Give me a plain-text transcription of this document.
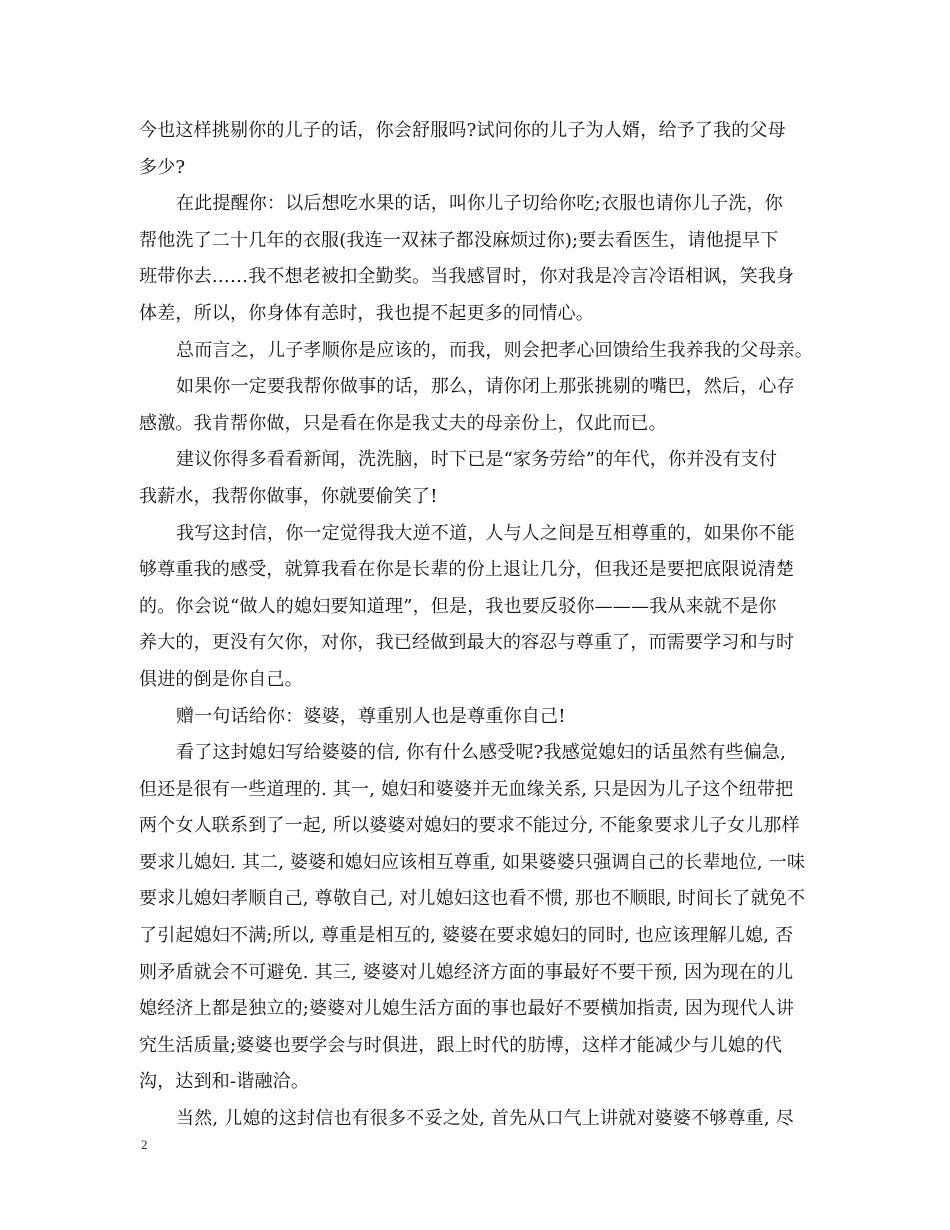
今也这样挑剔你的儿子的话，你会舒服吗?试问你的儿子为人婿，给予了我的父母
多少?
在此提醒你：以后想吃水果的话，叫你儿子切给你吃;衣服也请你儿子洗，你
帮他洗了二十几年的衣服(我连一双袜子都没麻烦过你);要去看医生，请他提早下
班带你去……我不想老被扣全勤奖。当我感冒时，你对我是冷言冷语相讽，笑我身
体差，所以，你身体有恙时，我也提不起更多的同情心。
总而言之，儿子孝顺你是应该的，而我，则会把孝心回馈给生我养我的父母亲。
如果你一定要我帮你做事的话，那么，请你闭上那张挑剔的嘴巴，然后，心存
感激。我肯帮你做，只是看在你是我丈夫的母亲份上，仅此而已。
建议你得多看看新闻，洗洗脑，时下已是“家务劳给”的年代，你并没有支付
我薪水，我帮你做事，你就要偷笑了!
我写这封信，你一定觉得我大逆不道，人与人之间是互相尊重的，如果你不能
够尊重我的感受，就算我看在你是长辈的份上退让几分，但我还是要把底限说清楚
的。你会说“做人的媳妇要知道理”，但是，我也要反驳你———我从来就不是你
养大的，更没有欠你，对你，我已经做到最大的容忍与尊重了，而需要学习和与时
俱进的倒是你自己。
赠一句话给你：婆婆，尊重别人也是尊重你自己!
看了这封媳妇写给婆婆的信, 你有什么感受呢?我感觉媳妇的话虽然有些偏急,
但还是很有一些道理的. 其一, 媳妇和婆婆并无血缘关系, 只是因为儿子这个纽带把
两个女人联系到了一起, 所以婆婆对媳妇的要求不能过分, 不能象要求儿子女儿那样
要求儿媳妇. 其二, 婆婆和媳妇应该相互尊重, 如果婆婆只强调自己的长辈地位, 一味
要求儿媳妇孝顺自己, 尊敬自己, 对儿媳妇这也看不惯, 那也不顺眼, 时间长了就免不
了引起媳妇不满;所以, 尊重是相互的, 婆婆在要求媳妇的同时, 也应该理解儿媳, 否
则矛盾就会不可避免. 其三, 婆婆对儿媳经济方面的事最好不要干预, 因为现在的儿
媳经济上都是独立的;婆婆对儿媳生活方面的事也最好不要横加指责, 因为现代人讲
究生活质量;婆婆也要学会与时俱进，跟上时代的肪博，这样才能减少与儿媳的代
沟，达到和-谐融洽。
当然, 儿媳的这封信也有很多不妥之处, 首先从口气上讲就对婆婆不够尊重, 尽
2
